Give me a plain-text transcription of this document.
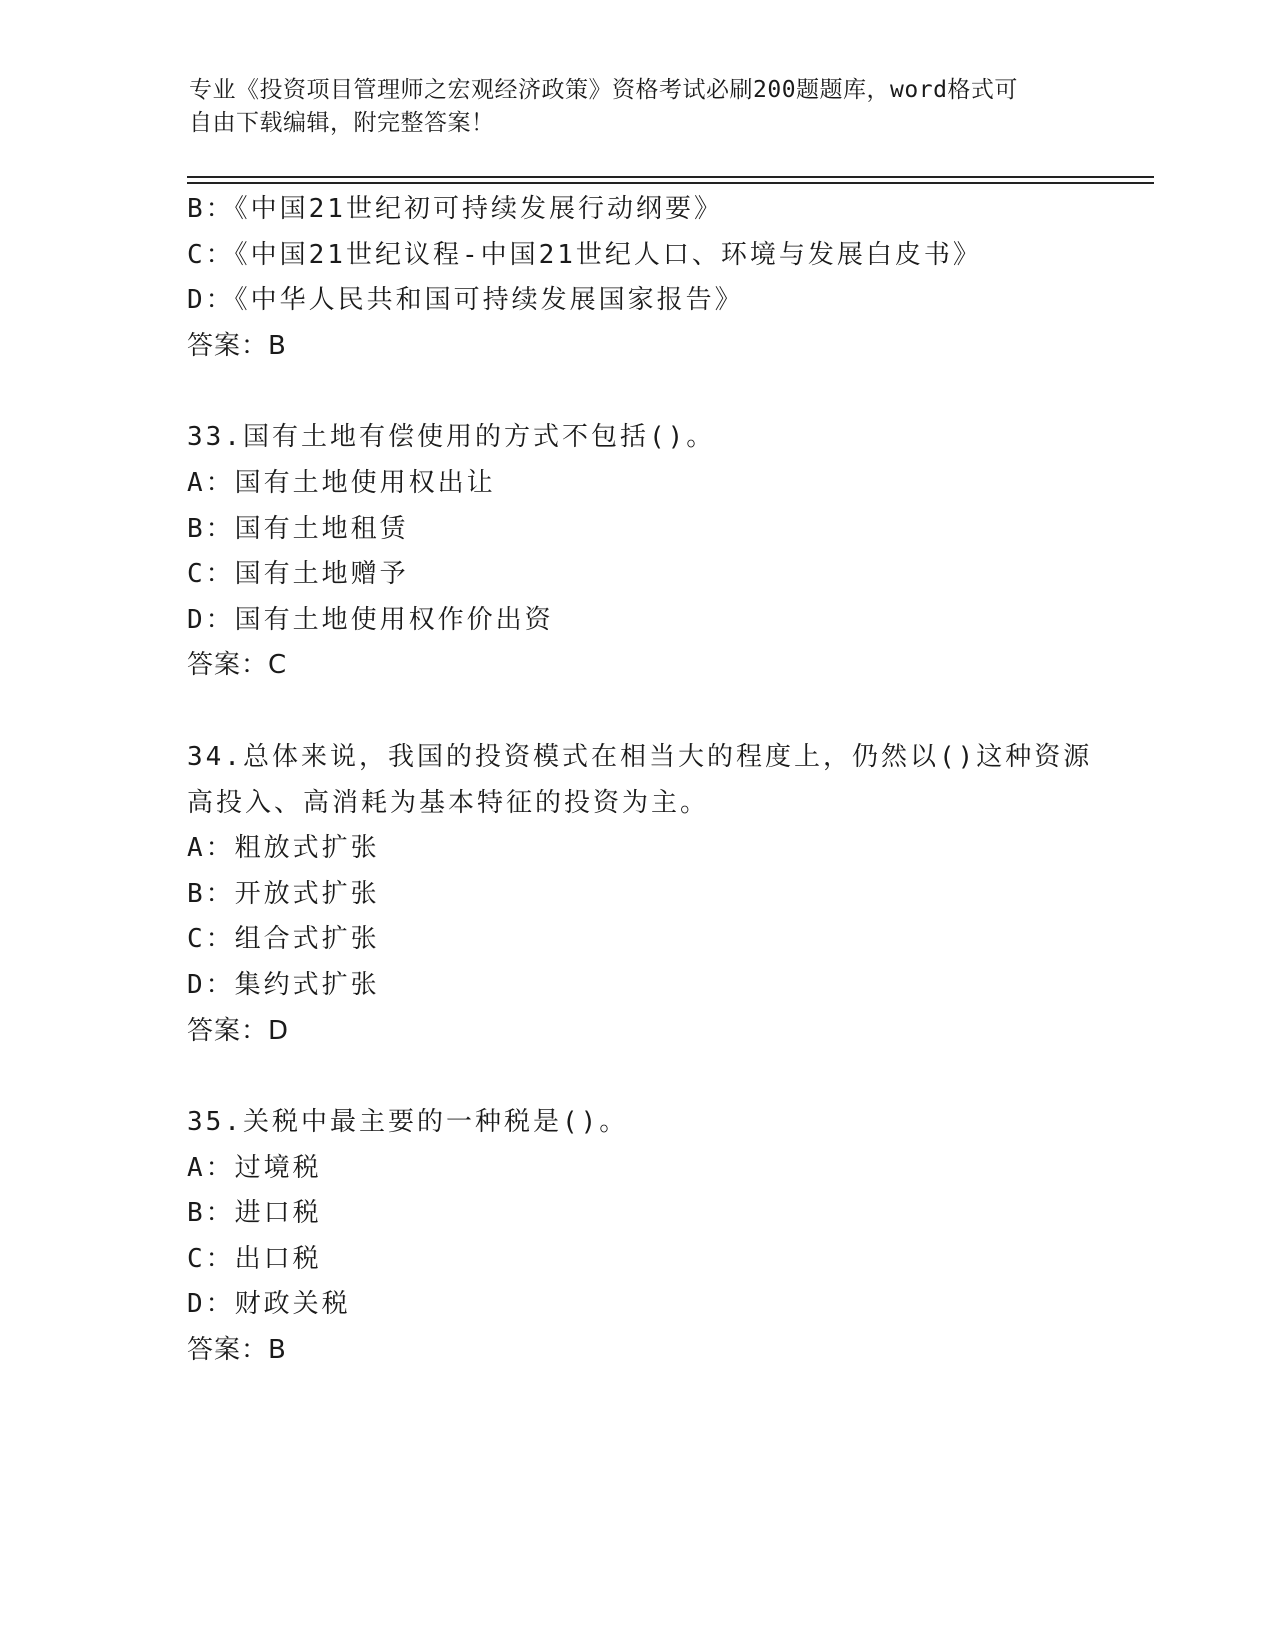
专业《投资项目管理师之宏观经济政策》资格考试必刷200题题库，word格式可
自由下载编辑，附完整答案！
B：《中国21世纪初可持续发展行动纲要》
C：《中国21世纪议程-中国21世纪人口、环境与发展白皮书》
D：《中华人民共和国可持续发展国家报告》
答案：B
33.国有土地有偿使用的方式不包括()。
A：国有土地使用权出让
B：国有土地租赁
C：国有土地赠予
D：国有土地使用权作价出资
答案：C
34.总体来说，我国的投资模式在相当大的程度上，仍然以()这种资源
高投入、高消耗为基本特征的投资为主。
A：粗放式扩张
B：开放式扩张
C：组合式扩张
D：集约式扩张
答案：D
35.关税中最主要的一种税是()。
A：过境税
B：进口税
C：出口税
D：财政关税
答案：B
